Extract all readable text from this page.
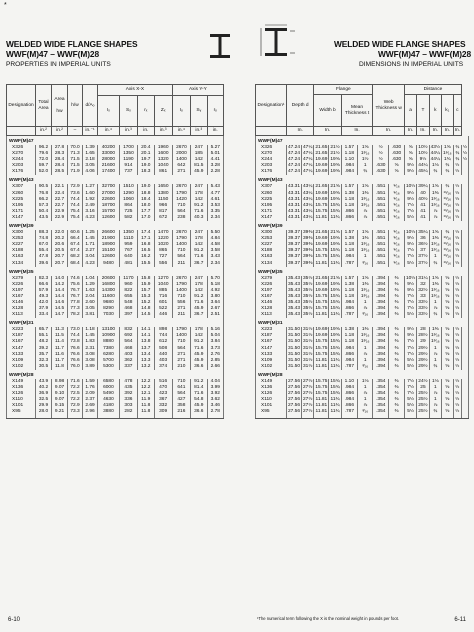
*
WELDED WIDE FLANGE SHAPES
WWF(M)47 – WWF(M)28
PROPERTIES IN IMPERIAL UNITS
Designation	Total Area	Area

hw	h/w	d/Aₒ	Axis X-X				Axis Y-Y		
					Iₓ	Sₓ	rₓ	Zₓ	Iᵧ	Sᵧ	rᵧ
	in.²	in.²	–	in.⁻¹	in.⁴	in.³	in.	in.³	in.⁴	in.³	in.
WWF(M)47											
X326	96.2	27.8	70.0	1.39	40200	1700	20.4	1960	2670	247	5.27
X270	79.6	28.3	71.3	1.65	33000	1350	20.1	1600	2000	185	5.01
X244	72.0	28.4	71.5	2.18	28000	1190	19.7	1320	1400	142	4.41
X203	59.7	28.4	71.5	3.05	21600	914	19.0	1040	642	81.5	3.28
X176	52.0	28.5	71.9	4.06	17400	737	18.3	861	271	45.9	2.28
WWF(M)43											
X307	90.5	22.1	72.9	1.27	32700	1510	19.0	1650	2670	247	5.43
X260	76.8	22.4	73.6	1.60	27000	1290	18.8	1380	1790	178	4.77
X225	66.2	22.7	74.4	1.92	22600	1060	18.4	1150	1420	142	4.61
X195	57.3	22.7	74.4	2.49	18700	864	18.0	966	710	91.2	3.53
X171	50.4	22.9	75.4	3.16	15700	725	17.7	817	564	71.6	3.35
X147	43.5	22.9	75.4	4.23	12600	582	17.0	672	238	40.3	2.34
WWF(M)39											
X300	88.3	22.0	60.6	1.25	26600	1350	17.4	1470	2670	247	5.50
X253	74.8	20.2	66.4	1.45	21900	1110	17.1	1220	1790	178	4.84
X227	67.0	20.6	67.4	1.71	18900	959	16.8	1020	1400	142	4.58
X188	55.4	20.5	67.4	2.27	15100	767	16.5	865	710	91.2	3.58
X163	47.8	20.7	68.2	3.04	12600	640	16.2	727	564	71.6	3.43
X134	39.6	20.7	68.4	4.23	9480	481	15.5	556	211	36.7	2.34
WWF(M)35											
X279	82.3	14.0	74.6	1.04	20600	1170	15.8	1270	2670	247	5.70
X226	66.6	14.2	75.6	1.29	16800	960	15.9	1040	1790	178	5.18
X197	57.9	14.4	76.7	1.63	14300	822	15.7	885	1400	142	4.92
X167	49.3	14.4	76.7	2.04	11600	655	15.3	716	710	91.2	3.80
X146	42.0	14.6	77.8	2.60	9680	548	15.2	601	556	71.6	3.64
X128	37.9	14.5	77.3	3.05	8290	468	14.8	522	271	45.9	2.67
X113	33.4	14.7	78.2	3.81	7030	397	14.5	446	211	36.7	2.51
WWF(M)31											
X223	65.7	11.3	73.0	1.18	13100	832	14.1	898	1790	178	5.16
X187	55.1	11.5	74.4	1.45	10900	692	14.1	744	1400	142	5.04
X167	48.2	11.4	73.8	1.83	8880	564	13.8	612	710	91.2	3.84
X147	39.2	11.7	76.6	2.31	7380	468	13.7	508	564	71.6	3.73
X133	35.7	11.6	76.6	3.08	6280	403	13.4	440	271	45.9	2.76
X109	32.3	11.7	76.6	3.08	5700	362	13.3	403	271	45.9	2.85
X102	30.5	11.8	76.0	3.89	5300	337	13.2	374	210	36.6	2.66
WWF(M)28											
X149	43.9	8.98	71.6	1.59	6580	478	12.2	516	710	91.2	4.04
X136	40.2	9.07	72.2	1.76	6000	435	12.2	470	641	81.4	3.99
X126	36.9	9.10	72.5	2.09	5490	392	12.1	423	564	71.6	3.92
X110	32.5	9.07	72.2	2.37	4630	336	11.9	367	427	54.8	3.62
X101	29.9	9.15	72.9	2.69	4180	303	11.8	332	358	45.9	3.46
X95	28.0	9.21	73.3	2.96	3880	282	11.8	309	216	36.6	2.78

6-10
WELDED WIDE FLANGE SHAPES
WWF(M)47 – WWF(M)28
DIMENSIONS IN IMPERIAL UNITS
Designation¹	Depth d		Flange				Web Thickness w		Distance					
			Width b		Mean Thickness t				a	T	k	k₁	c	
	In.		In.		In.		In.		In.	In.	In.	In.	In.	
WWF(M)47														
X326	47.24	47¼	21.65	21½	1.57	1⅝	½	.630	⅝	10½	43½	1⅝	¾	½
X270	47.24	47¼	21.65	21½	1.18	1³⁄₁₆	½	.630	⅝	10½	44¼	1¹⁄₁₆	¾	½
X244	47.24	47¼	19.69	19⅝	1.10	1½	½	.630	⅝	9½	44¼	1¾	¾	½
X203	47.24	47¼	19.69	19⅝	.984	1	.630	⅝	9½	44¼	1⅛	¾	½	
X176	47.24	47¼	19.69	19⅝	.984	¾	.630	⅝	9½	45¼	¾	¾	½	
WWF(M)43														
X307	43.31	43¼	21.65	21⅝	1.57	1⅝	.551	⁹⁄₁₆	10½	39¼	1⅝	¾	½	
X260	43.31	43¼	19.69	19⅝	1.38	1⅜	.551	⁹⁄₁₆	9½	40	1⅜	¹¹⁄₁₆	½	
X225	43.31	43¼	19.69	19⅝	1.18	1³⁄₁₆	.551	⁹⁄₁₆	9½	40½	1³⁄₁₆	¹¹⁄₁₆	½	
X195	43.31	43¼	15.75	15¾	1.18	1³⁄₁₆	.551	⁹⁄₁₆	7½	41	1³⁄₁₆	¹¹⁄₁₆	½	
X171	43.31	43¼	15.75	15¾	.866	⅞	.551	⁹⁄₁₆	7½	41	⅞	¹¹⁄₁₆	½	
X147	43.31	43¼	11.81	11¾	.866	⅞	.551	⁹⁄₁₆	5½	41	⅞	¹¹⁄₁₆	½	
WWF(M)39														
X300	39.37	39⅜	21.65	21⅝	1.57	1⅝	.551	⁹⁄₁₆	10½	35¼	1⅝	¾	½	
X253	39.37	39⅜	19.69	19⅝	1.38	1⅜	.551	⁹⁄₁₆	9½	36	1⅜	¹¹⁄₁₆	½	
X227	39.37	39⅜	19.69	19⅝	1.18	1³⁄₁₆	.551	⁹⁄₁₆	9½	36½	1³⁄₁₆	¹¹⁄₁₆	½	
X188	39.37	39⅜	15.75	15¾	1.18	1³⁄₁₆	.551	⁹⁄₁₆	7½	37	1³⁄₁₆	¹¹⁄₁₆	½	
X163	39.37	39⅜	15.75	15¾	.984	1	.551	⁹⁄₁₆	7½	37½	1	¹¹⁄₁₆	½	
X134	39.37	39⅜	11.81	11¾	.787	³⁄₁₆	.551	⁹⁄₁₆	5½	37½	¾	¹¹⁄₁₆	½	
WWF(M)35														
X279	35.43	35½	21.65	21⅝	1.57	1⅝	.394	⅜	10½	31¼	1⅝	⅝	½	
X226	35.43	35½	19.69	19⅝	1.38	1⅜	.394	⅜	9½	32	1⅜	⅝	½	
X197	35.43	35½	19.69	19⅝	1.18	1³⁄₁₆	.394	⅜	9½	32½	1³⁄₁₆	⅝	½	
X167	35.43	35½	15.75	15¾	1.18	1³⁄₁₆	.394	⅜	7½	33	1³⁄₁₆	⅝	½	
X146	35.43	35½	15.75	15¾	.984	1	.394	⅜	7½	33½	1	⅝	½	
X128	35.43	35½	15.75	15¾	.866	⅞	.394	⅜	7½	33½	⅞	⅝	½	
X113	35.43	35½	11.81	11¾	.787	³⁄₁₆	.394	⅜	5½	33½	¾	⅝	½	
WWF(M)31														
X223	31.50	31½	19.69	19⅝	1.38	1⅜	.394	⅜	9½	28	1⅜	⅝	½	
X187	31.50	31½	19.69	19⅝	1.18	1³⁄₁₆	.394	⅜	9½	28½	1³⁄₁₆	⅝	½	
X167	31.50	31½	15.75	15¾	1.18	1³⁄₁₆	.394	⅜	7½	29	1³⁄₁₆	⅝	½	
X147	31.50	31½	15.75	15¾	.984	1	.394	⅜	7½	29½	1	⅝	½	
X133	31.50	31½	15.75	15¾	.866	⅞	.394	⅜	7½	29½	⅞	⅝	½	
X109	31.50	31½	11.81	11¾	.984	1	.394	⅜	5½	29½	1	⅝	½	
X102	31.50	31½	11.81	11¾	.787	³⁄₁₆	.394	⅜	5½	29½	¾	⅝	½	
WWF(M)28														
X149	27.56	27½	15.75	15¾	1.10	1⅛	.354	⅜	7½	24½	1⅛	⅝	½	
X136	27.56	27½	15.75	15¾	.984	1	.354	⅜	7½	25	1	⅝	½	
X126	27.56	27½	15.75	15¾	.866	⅞	.354	⅜	7½	25½	⅞	⅝	½	
X110	27.56	27½	11.81	11¾	.984	1	.354	⅜	5½	25½	1	⅝	½	
X101	27.56	27½	11.81	11¾	.866	⅞	.354	⅜	5½	25½	⅞	⅝	½	
X95	27.56	27½	11.81	11¾	.787	³⁄₁₆	.354	⅜	5½	25½	¾	⅝	½	

¹The numerical term following the X is the nominal weight in pounds per foot.	6-11
